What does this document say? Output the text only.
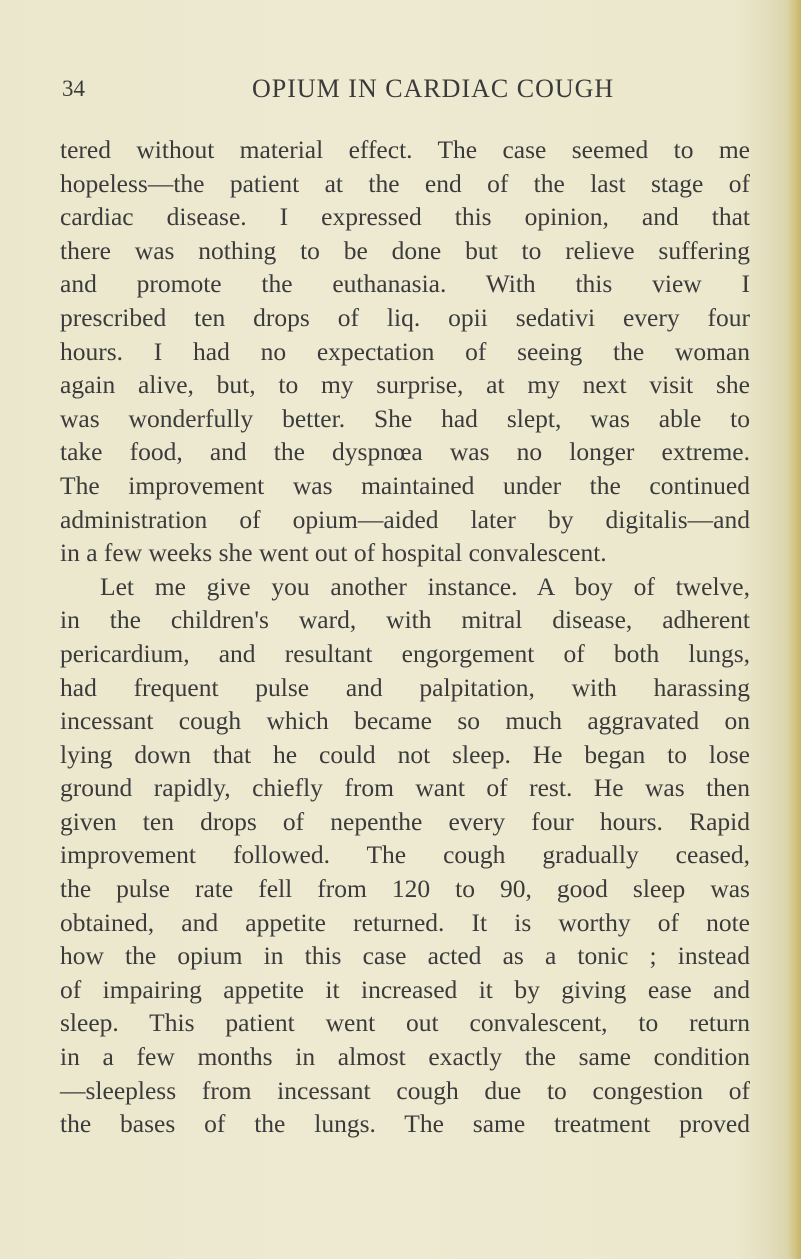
34	OPIUM IN CARDIAC COUGH
tered without material effect. The case seemed to me
hopeless—the patient at the end of the last stage of
cardiac disease. I expressed this opinion, and that
there was nothing to be done but to relieve suffering
and promote the euthanasia. With this view I
prescribed ten drops of liq. opii sedativi every four
hours. I had no expectation of seeing the woman
again alive, but, to my surprise, at my next visit she
was wonderfully better. She had slept, was able to
take food, and the dyspnœa was no longer extreme.
The improvement was maintained under the continued
administration of opium—aided later by digitalis—and
in a few weeks she went out of hospital convalescent.
Let me give you another instance. A boy of twelve,
in the children's ward, with mitral disease, adherent
pericardium, and resultant engorgement of both lungs,
had frequent pulse and palpitation, with harassing
incessant cough which became so much aggravated on
lying down that he could not sleep. He began to lose
ground rapidly, chiefly from want of rest. He was then
given ten drops of nepenthe every four hours. Rapid
improvement followed. The cough gradually ceased,
the pulse rate fell from 120 to 90, good sleep was
obtained, and appetite returned. It is worthy of note
how the opium in this case acted as a tonic ; instead
of impairing appetite it increased it by giving ease and
sleep. This patient went out convalescent, to return
in a few months in almost exactly the same condition
—sleepless from incessant cough due to congestion of
the bases of the lungs. The same treatment proved
